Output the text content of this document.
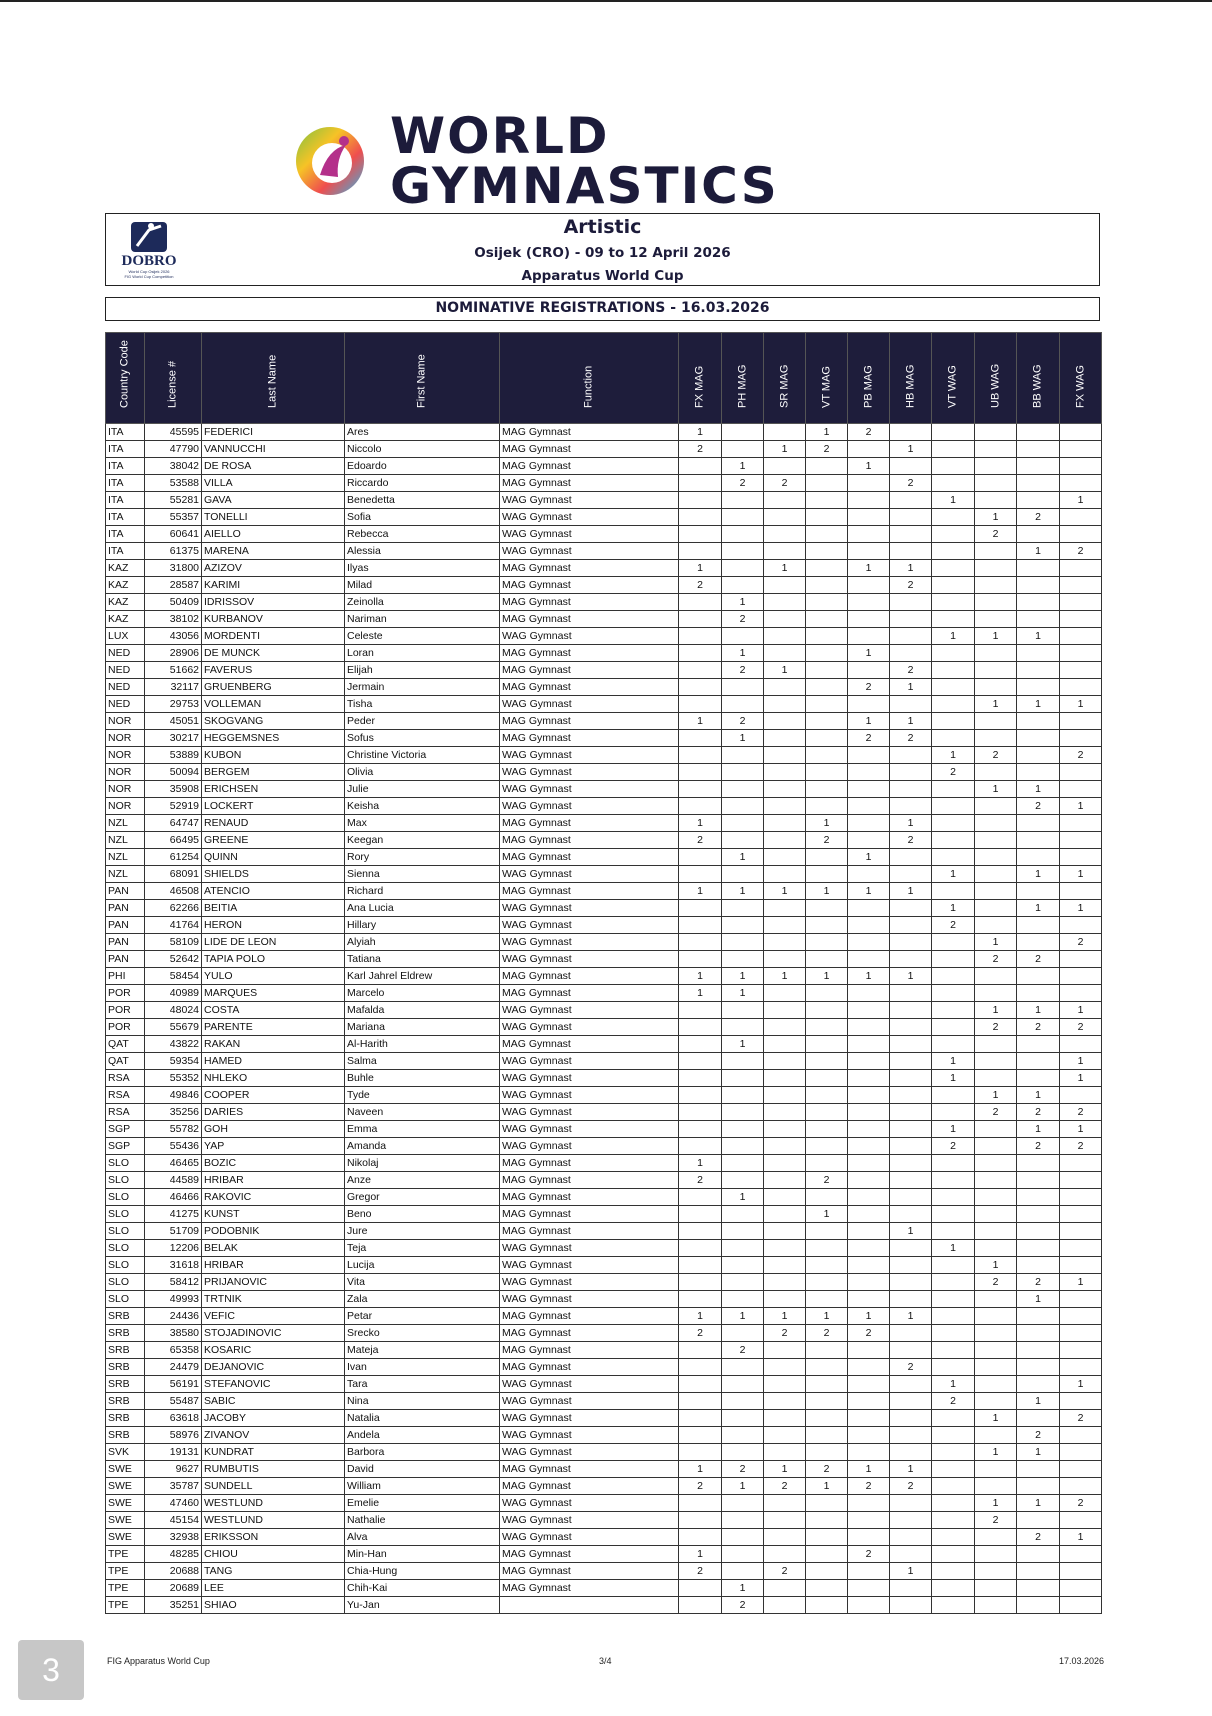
WORLD GYMNASTICS
DOBRO
World Cup Osijek 2026
FIG World Cup Competition
Artistic
Osijek (CRO) - 09 to 12 April 2026
Apparatus World Cup
NOMINATIVE REGISTRATIONS - 16.03.2026
Country Code	License #	Last Name	First Name	Function	FX MAG	PH MAG	SR MAG	VT MAG	PB MAG	HB MAG	VT WAG	UB WAG	BB WAG	FX WAG

ITA	45595	FEDERICI	Ares	MAG Gymnast	1			1	2					
ITA	47790	VANNUCCHI	Niccolo	MAG Gymnast	2		1	2		1				
ITA	38042	DE ROSA	Edoardo	MAG Gymnast		1			1					
ITA	53588	VILLA	Riccardo	MAG Gymnast		2	2			2				
ITA	55281	GAVA	Benedetta	WAG Gymnast							1			1
ITA	55357	TONELLI	Sofia	WAG Gymnast								1	2	
ITA	60641	AIELLO	Rebecca	WAG Gymnast								2		
ITA	61375	MARENA	Alessia	WAG Gymnast									1	2
KAZ	31800	AZIZOV	Ilyas	MAG Gymnast	1		1		1	1				
KAZ	28587	KARIMI	Milad	MAG Gymnast	2					2				
KAZ	50409	IDRISSOV	Zeinolla	MAG Gymnast		1								
KAZ	38102	KURBANOV	Nariman	MAG Gymnast		2								
LUX	43056	MORDENTI	Celeste	WAG Gymnast							1	1	1	
NED	28906	DE MUNCK	Loran	MAG Gymnast		1			1					
NED	51662	FAVERUS	Elijah	MAG Gymnast		2	1			2				
NED	32117	GRUENBERG	Jermain	MAG Gymnast					2	1				
NED	29753	VOLLEMAN	Tisha	WAG Gymnast								1	1	1
NOR	45051	SKOGVANG	Peder	MAG Gymnast	1	2			1	1				
NOR	30217	HEGGEMSNES	Sofus	MAG Gymnast		1			2	2				
NOR	53889	KUBON	Christine Victoria	WAG Gymnast							1	2		2
NOR	50094	BERGEM	Olivia	WAG Gymnast							2			
NOR	35908	ERICHSEN	Julie	WAG Gymnast								1	1	
NOR	52919	LOCKERT	Keisha	WAG Gymnast									2	1
NZL	64747	RENAUD	Max	MAG Gymnast	1			1		1				
NZL	66495	GREENE	Keegan	MAG Gymnast	2			2		2				
NZL	61254	QUINN	Rory	MAG Gymnast		1			1					
NZL	68091	SHIELDS	Sienna	WAG Gymnast							1		1	1
PAN	46508	ATENCIO	Richard	MAG Gymnast	1	1	1	1	1	1				
PAN	62266	BEITIA	Ana Lucia	WAG Gymnast							1		1	1
PAN	41764	HERON	Hillary	WAG Gymnast							2			
PAN	58109	LIDE DE LEON	Alyiah	WAG Gymnast								1		2
PAN	52642	TAPIA POLO	Tatiana	WAG Gymnast								2	2	
PHI	58454	YULO	Karl Jahrel Eldrew	MAG Gymnast	1	1	1	1	1	1				
POR	40989	MARQUES	Marcelo	MAG Gymnast	1	1								
POR	48024	COSTA	Mafalda	WAG Gymnast								1	1	1
POR	55679	PARENTE	Mariana	WAG Gymnast								2	2	2
QAT	43822	RAKAN	Al-Harith	MAG Gymnast		1								
QAT	59354	HAMED	Salma	WAG Gymnast							1			1
RSA	55352	NHLEKO	Buhle	WAG Gymnast							1			1
RSA	49846	COOPER	Tyde	WAG Gymnast								1	1	
RSA	35256	DARIES	Naveen	WAG Gymnast								2	2	2
SGP	55782	GOH	Emma	WAG Gymnast							1		1	1
SGP	55436	YAP	Amanda	WAG Gymnast							2		2	2
SLO	46465	BOZIC	Nikolaj	MAG Gymnast	1									
SLO	44589	HRIBAR	Anze	MAG Gymnast	2			2						
SLO	46466	RAKOVIC	Gregor	MAG Gymnast		1								
SLO	41275	KUNST	Beno	MAG Gymnast				1						
SLO	51709	PODOBNIK	Jure	MAG Gymnast						1				
SLO	12206	BELAK	Teja	WAG Gymnast							1			
SLO	31618	HRIBAR	Lucija	WAG Gymnast								1		
SLO	58412	PRIJANOVIC	Vita	WAG Gymnast								2	2	1
SLO	49993	TRTNIK	Zala	WAG Gymnast									1	
SRB	24436	VEFIC	Petar	MAG Gymnast	1	1	1	1	1	1				
SRB	38580	STOJADINOVIC	Srecko	MAG Gymnast	2		2	2	2					
SRB	65358	KOSARIC	Mateja	MAG Gymnast		2								
SRB	24479	DEJANOVIC	Ivan	MAG Gymnast						2				
SRB	56191	STEFANOVIC	Tara	WAG Gymnast							1			1
SRB	55487	SABIC	Nina	WAG Gymnast							2		1	
SRB	63618	JACOBY	Natalia	WAG Gymnast								1		2
SRB	58976	ZIVANOV	Andela	WAG Gymnast									2	
SVK	19131	KUNDRAT	Barbora	WAG Gymnast								1	1	
SWE	9627	RUMBUTIS	David	MAG Gymnast	1	2	1	2	1	1				
SWE	35787	SUNDELL	William	MAG Gymnast	2	1	2	1	2	2				
SWE	47460	WESTLUND	Emelie	WAG Gymnast								1	1	2
SWE	45154	WESTLUND	Nathalie	WAG Gymnast								2		
SWE	32938	ERIKSSON	Alva	WAG Gymnast									2	1
TPE	48285	CHIOU	Min-Han	MAG Gymnast	1				2					
TPE	20688	TANG	Chia-Hung	MAG Gymnast	2		2			1				
TPE	20689	LEE	Chih-Kai	MAG Gymnast		1								
TPE	35251	SHIAO	Yu-Jan			2								
3	FIG Apparatus World Cup	3/4	17.03.2026
